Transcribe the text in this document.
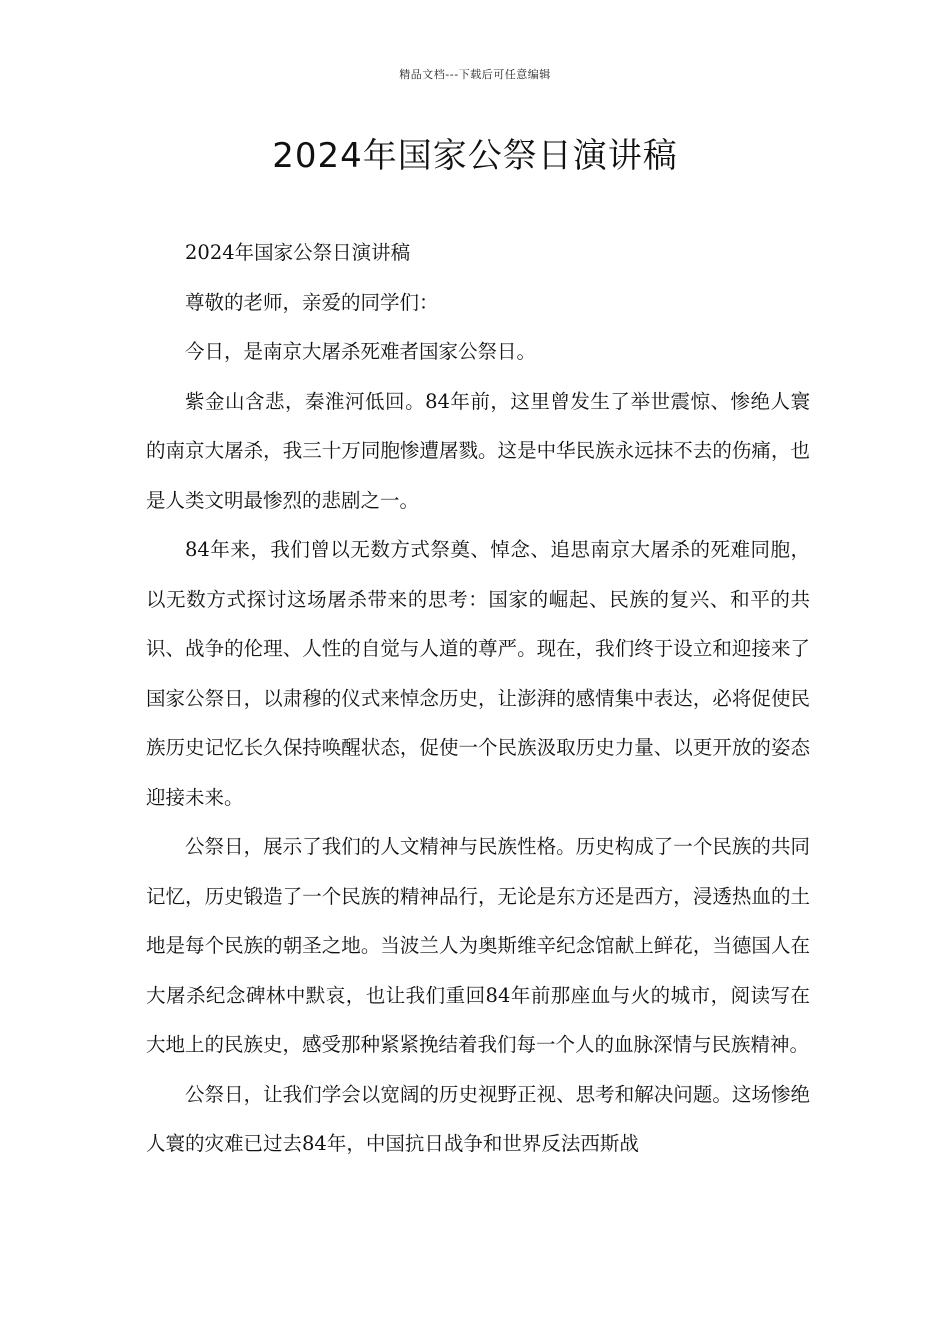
精品文档---下载后可任意编辑
2024年国家公祭日演讲稿

2024年国家公祭日演讲稿

尊敬的老师，亲爱的同学们：

今日，是南京大屠杀死难者国家公祭日。

紫金山含悲，秦淮河低回。84年前，这里曾发生了举世震惊、惨绝人寰的南京大屠杀，我三十万同胞惨遭屠戮。这是中华民族永远抹不去的伤痛，也是人类文明最惨烈的悲剧之一。

84年来，我们曾以无数方式祭奠、悼念、追思南京大屠杀的死难同胞，以无数方式探讨这场屠杀带来的思考：国家的崛起、民族的复兴、和平的共识、战争的伦理、人性的自觉与人道的尊严。现在，我们终于设立和迎接来了国家公祭日，以肃穆的仪式来悼念历史，让澎湃的感情集中表达，必将促使民族历史记忆长久保持唤醒状态，促使一个民族汲取历史力量、以更开放的姿态迎接未来。

公祭日，展示了我们的人文精神与民族性格。历史构成了一个民族的共同记忆，历史锻造了一个民族的精神品行，无论是东方还是西方，浸透热血的土地是每个民族的朝圣之地。当波兰人为奥斯维辛纪念馆献上鲜花，当德国人在大屠杀纪念碑林中默哀，也让我们重回84年前那座血与火的城市，阅读写在大地上的民族史，感受那种紧紧挽结着我们每一个人的血脉深情与民族精神。

公祭日，让我们学会以宽阔的历史视野正视、思考和解决问题。这场惨绝人寰的灾难已过去84年，中国抗日战争和世界反法西斯战
